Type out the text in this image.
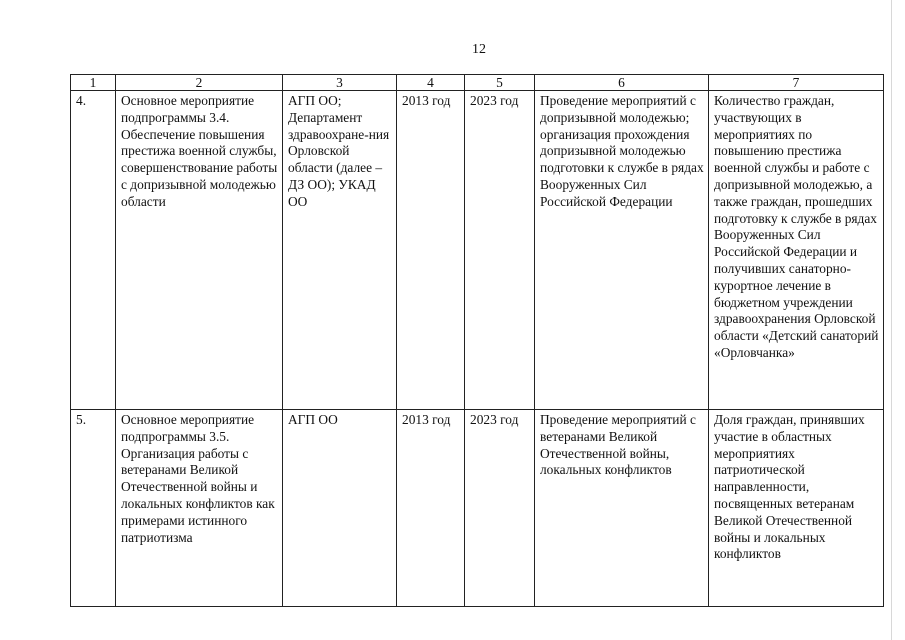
12
1	2	3	4	5	6	7
4.	Основное мероприятие подпрограммы 3.4. Обеспечение повышения престижа военной службы, совершенствование работы с допризывной молодежью области	АГП ОО; Департамент здравоохране-ния Орловской области (далее – ДЗ ОО); УКАД ОО	2013 год	2023 год	Проведение мероприятий с допризывной молодежью; организация прохождения допризывной молодежью подготовки к службе в рядах Вооруженных Сил Российской Федерации	Количество граждан, участвующих в мероприятиях по повышению престижа военной службы и работе с допризывной молодежью, а также граждан, прошедших подготовку к службе в рядах Вооруженных Сил Российской Федерации и получивших санаторно-курортное лечение в бюджетном учреждении здравоохранения Орловской области «Детский санаторий «Орловчанка»
5.	Основное мероприятие подпрограммы 3.5. Организация работы с ветеранами Великой Отечественной войны и локальных конфликтов как примерами истинного патриотизма	АГП ОО	2013 год	2023 год	Проведение мероприятий с ветеранами Великой Отечественной войны, локальных конфликтов	Доля граждан, принявших участие в областных мероприятиях патриотической направленности, посвященных ветеранам Великой Отечественной войны и локальных конфликтов
